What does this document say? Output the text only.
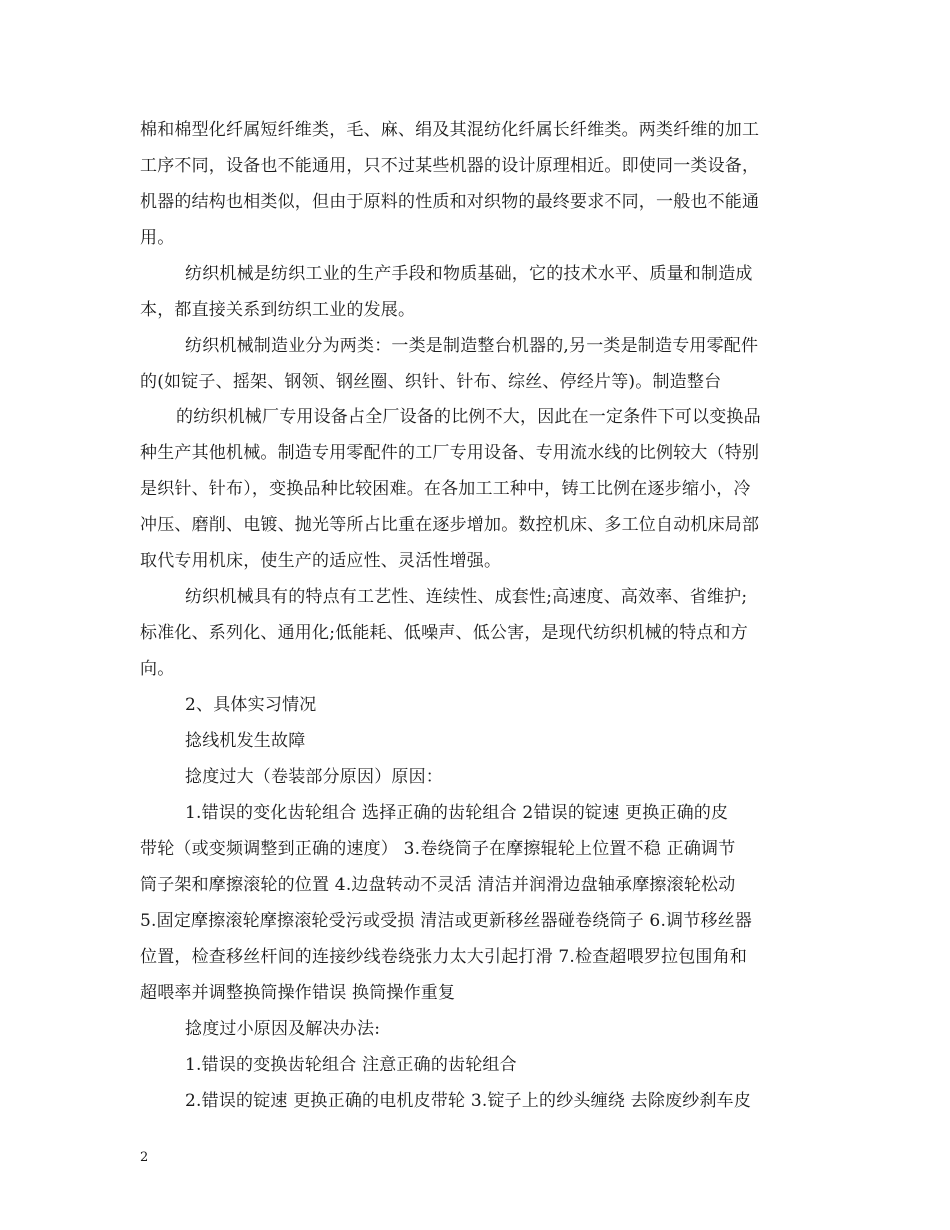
棉和棉型化纤属短纤维类，毛、麻、绢及其混纺化纤属长纤维类。两类纤维的加工
工序不同，设备也不能通用，只不过某些机器的设计原理相近。即使同一类设备，
机器的结构也相类似，但由于原料的性质和对织物的最终要求不同，一般也不能通
用。
纺织机械是纺织工业的生产手段和物质基础，它的技术水平、质量和制造成
本，都直接关系到纺织工业的发展。
纺织机械制造业分为两类：一类是制造整台机器的,另一类是制造专用零配件
的(如锭子、摇架、钢领、钢丝圈、织针、针布、综丝、停经片等)。制造整台
的纺织机械厂专用设备占全厂设备的比例不大，因此在一定条件下可以变换品
种生产其他机械。制造专用零配件的工厂专用设备、专用流水线的比例较大（特别
是织针、针布），变换品种比较困难。在各加工工种中，铸工比例在逐步缩小，冷
冲压、磨削、电镀、抛光等所占比重在逐步增加。数控机床、多工位自动机床局部
取代专用机床，使生产的适应性、灵活性增强。
纺织机械具有的特点有工艺性、连续性、成套性;高速度、高效率、省维护;
标准化、系列化、通用化;低能耗、低噪声、低公害，是现代纺织机械的特点和方
向。
2、具体实习情况
捻线机发生故障
捻度过大（卷装部分原因）原因：
1.错误的变化齿轮组合 选择正确的齿轮组合 2错误的锭速 更换正确的皮
带轮（或变频调整到正确的速度） 3.卷绕筒子在摩擦辊轮上位置不稳 正确调节
筒子架和摩擦滚轮的位置 4.边盘转动不灵活 清洁并润滑边盘轴承摩擦滚轮松动
5.固定摩擦滚轮摩擦滚轮受污或受损 清洁或更新移丝器碰卷绕筒子 6.调节移丝器
位置，检查移丝杆间的连接纱线卷绕张力太大引起打滑 7.检查超喂罗拉包围角和
超喂率并调整换筒操作错误 换筒操作重复
捻度过小原因及解决办法:
1.错误的变换齿轮组合 注意正确的齿轮组合
2.错误的锭速 更换正确的电机皮带轮 3.锭子上的纱头缠绕 去除废纱刹车皮
2
